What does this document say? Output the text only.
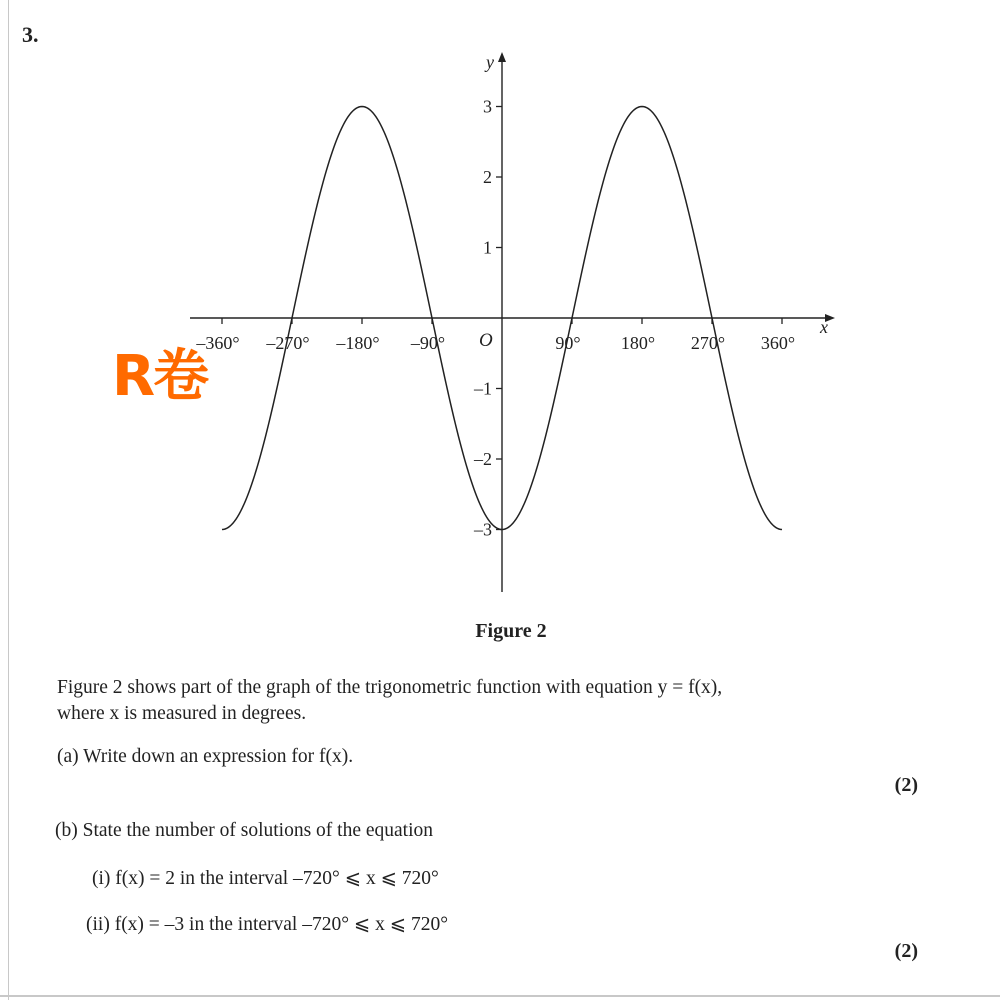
3.
–3
–2
–1
1
2
3
–360° –270° –180° –90°	90° 180° 270° 360°
x
y
O
R卷
Figure 2
Figure 2 shows part of the graph of the trigonometric function with equation y = f(x),
where x is measured in degrees.
(a) Write down an expression for f(x).
(2)
(b) State the number of solutions of the equation
(i) f(x) = 2 in the interval –720° ⩽ x ⩽ 720°
(ii) f(x) = –3 in the interval –720° ⩽ x ⩽ 720°
(2)
